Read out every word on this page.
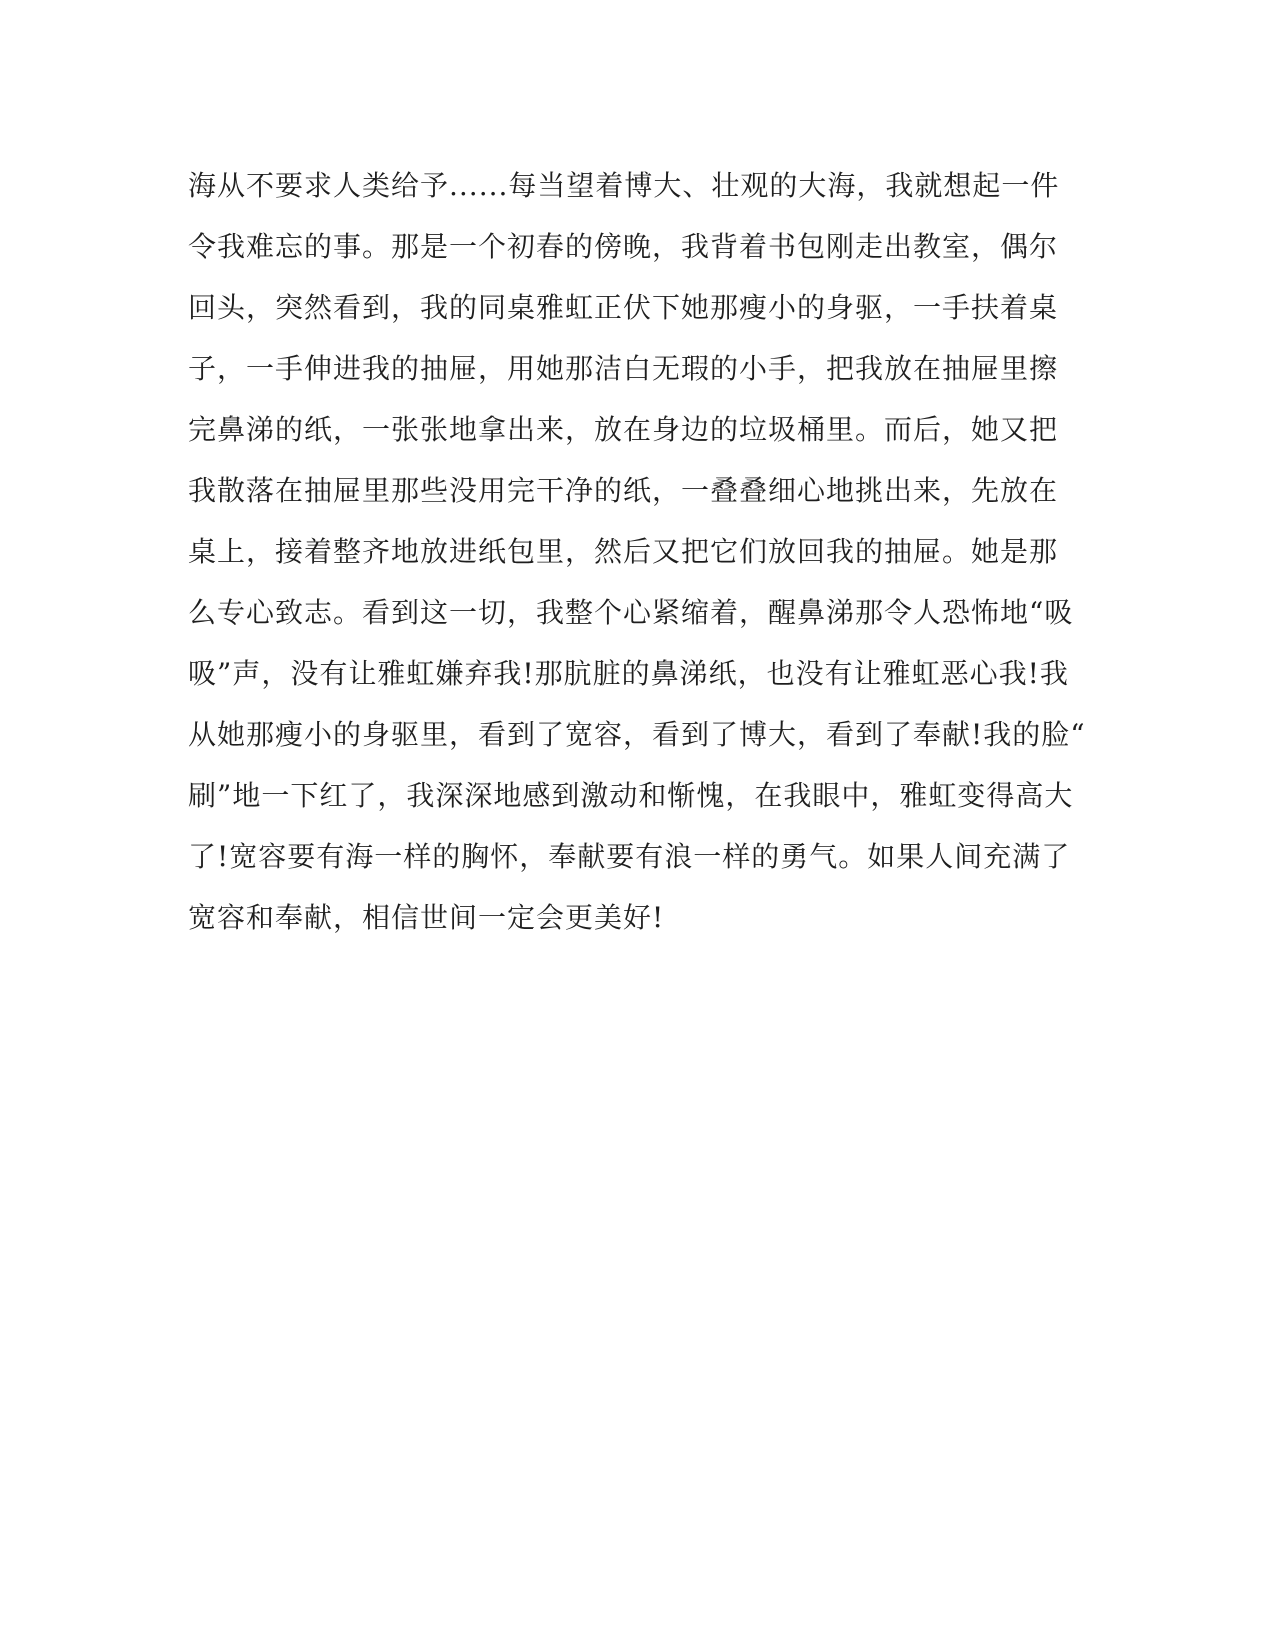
海从不要求人类给予......每当望着博大、壮观的大海，我就想起一件
令我难忘的事。那是一个初春的傍晚，我背着书包刚走出教室，偶尔
回头，突然看到，我的同桌雅虹正伏下她那瘦小的身驱，一手扶着桌
子，一手伸进我的抽屉，用她那洁白无瑕的小手，把我放在抽屉里擦
完鼻涕的纸，一张张地拿出来，放在身边的垃圾桶里。而后，她又把
我散落在抽屉里那些没用完干净的纸，一叠叠细心地挑出来，先放在
桌上，接着整齐地放进纸包里，然后又把它们放回我的抽屉。她是那
么专心致志。看到这一切，我整个心紧缩着，醒鼻涕那令人恐怖地“吸
吸”声，没有让雅虹嫌弃我!那肮脏的鼻涕纸，也没有让雅虹恶心我!我
从她那瘦小的身驱里，看到了宽容，看到了博大，看到了奉献!我的脸“
刷”地一下红了，我深深地感到激动和惭愧，在我眼中，雅虹变得高大
了!宽容要有海一样的胸怀，奉献要有浪一样的勇气。如果人间充满了
宽容和奉献，相信世间一定会更美好!
